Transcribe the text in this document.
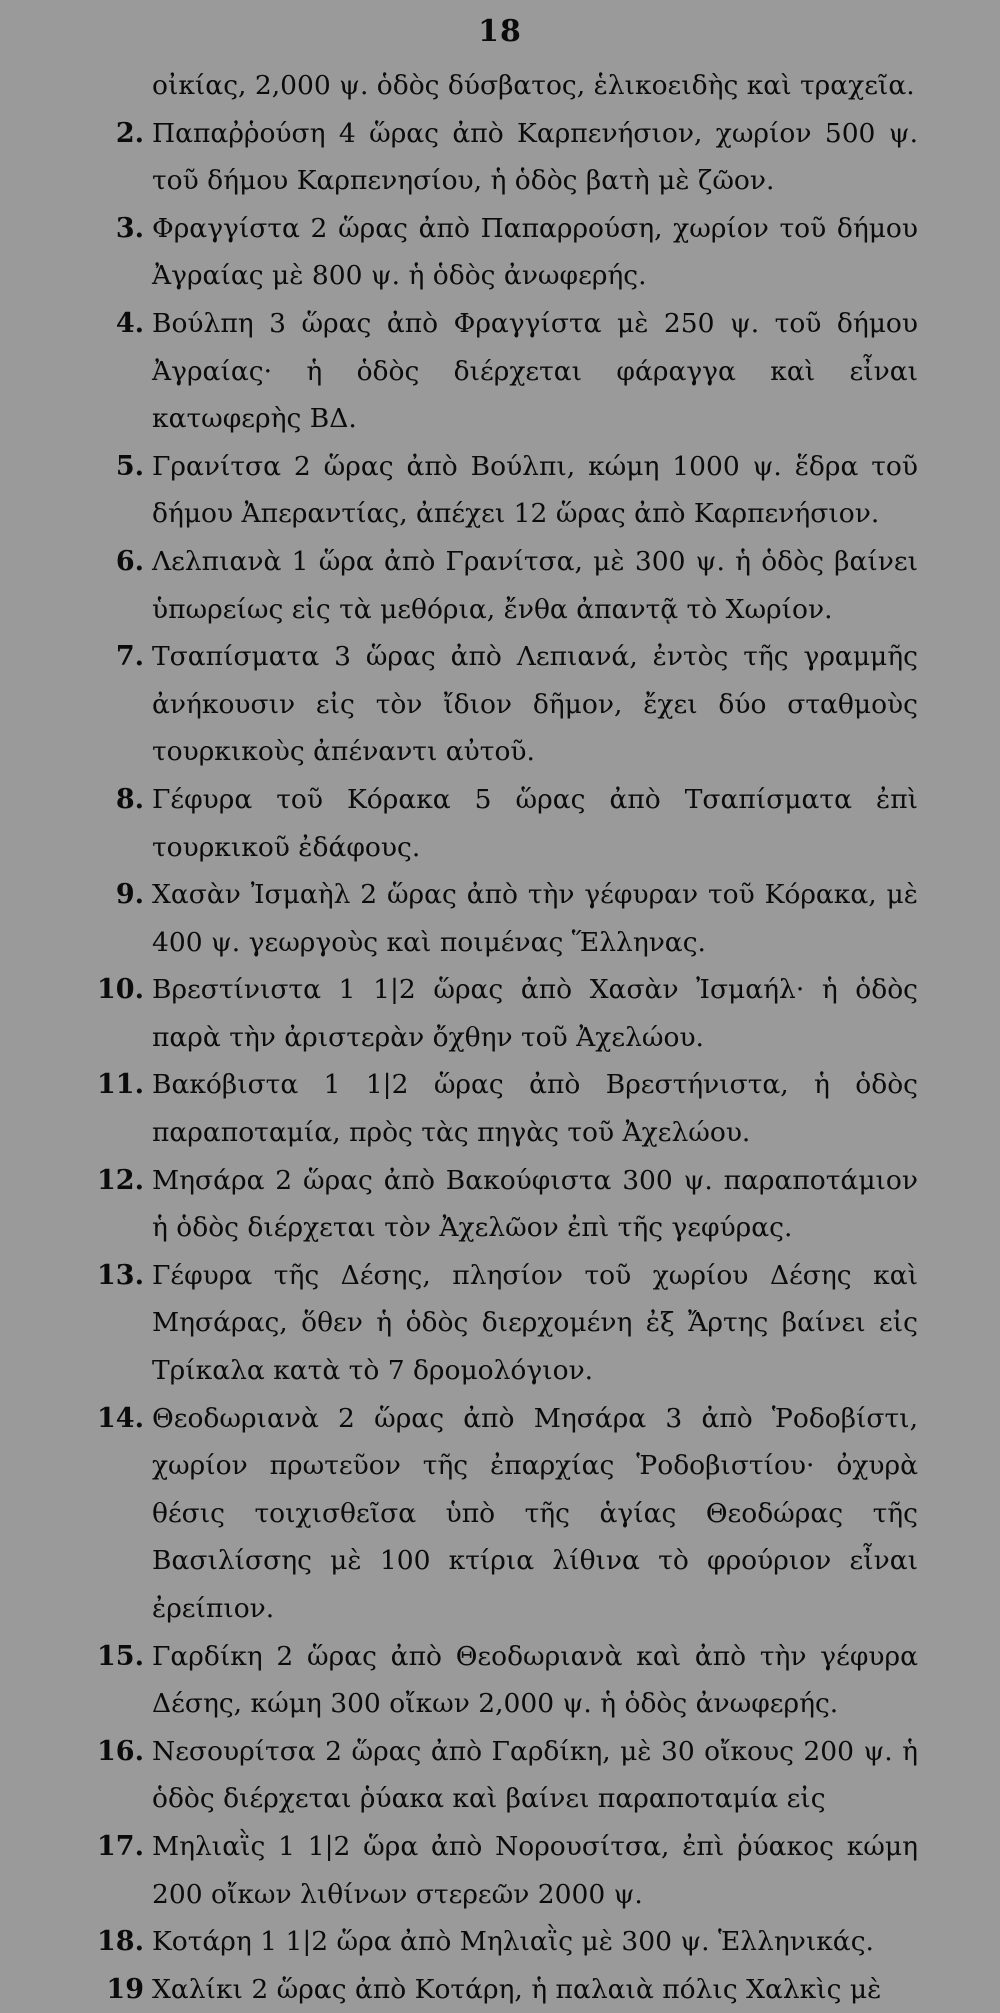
18
οἰκίας, 2,000 ψ. ὁδὸς δύσβατος, ἑλικοειδὴς καὶ τραχεῖα.
2. Παπαῤῥούση 4 ὥρας ἀπὸ Καρπενήσιον, χωρίον 500 ψ. τοῦ δήμου Καρπενησίου, ἡ ὁδὸς βατὴ μὲ ζῶον.
3. Φραγγίστα 2 ὥρας ἀπὸ Παπαρρούση, χωρίον τοῦ δήμου Ἀγραίας μὲ 800 ψ. ἡ ὁδὸς ἀνωφερής.
4. Βούλπη 3 ὥρας ἀπὸ Φραγγίστα μὲ 250 ψ. τοῦ δήμου Ἀγραίας· ἡ ὁδὸς διέρχεται φάραγγα καὶ εἶναι κατωφερὴς ΒΔ.
5. Γρανίτσα 2 ὥρας ἀπὸ Βούλπι, κώμη 1000 ψ. ἕδρα τοῦ δήμου Ἀπεραντίας, ἀπέχει 12 ὥρας ἀπὸ Καρπενήσιον.
6. Λελπιανὰ 1 ὥρα ἀπὸ Γρανίτσα, μὲ 300 ψ. ἡ ὁδὸς βαίνει ὑπωρείως εἰς τὰ μεθόρια, ἔνθα ἀπαντᾷ τὸ Χωρίον.
7. Τσαπίσματα 3 ὥρας ἀπὸ Λεπιανά, ἐντὸς τῆς γραμμῆς ἀνήκουσιν εἰς τὸν ἴδιον δῆμον, ἔχει δύο σταθμοὺς τουρκικοὺς ἀπέναντι αὐτοῦ.
8. Γέφυρα τοῦ Κόρακα 5 ὥρας ἀπὸ Τσαπίσματα ἐπὶ τουρκικοῦ ἐδάφους.
9. Χασὰν Ἰσμαὴλ 2 ὥρας ἀπὸ τὴν γέφυραν τοῦ Κόρακα, μὲ 400 ψ. γεωργοὺς καὶ ποιμένας Ἕλληνας.
10. Βρεστίνιστα 1 1|2 ὥρας ἀπὸ Χασὰν Ἰσμαήλ· ἡ ὁδὸς παρὰ τὴν ἀριστερὰν ὄχθην τοῦ Ἀχελώου.
11. Βακόβιστα 1 1|2 ὥρας ἀπὸ Βρεστήνιστα, ἡ ὁδὸς παραποταμία, πρὸς τὰς πηγὰς τοῦ Ἀχελώου.
12. Μησάρα 2 ὥρας ἀπὸ Βακούφιστα 300 ψ. παραποτάμιον ἡ ὁδὸς διέρχεται τὸν Ἀχελῶον ἐπὶ τῆς γεφύρας.
13. Γέφυρα τῆς Δέσης, πλησίον τοῦ χωρίου Δέσης καὶ Μησάρας, ὅθεν ἡ ὁδὸς διερχομένη ἐξ Ἄρτης βαίνει εἰς Τρίκαλα κατὰ τὸ 7 δρομολόγιον.
14. Θεοδωριανὰ 2 ὥρας ἀπὸ Μησάρα 3 ἀπὸ Ῥοδοβίστι, χωρίον πρωτεῦον τῆς ἐπαρχίας Ῥοδοβιστίου· ὀχυρὰ θέσις τοιχισθεῖσα ὑπὸ τῆς ἁγίας Θεοδώρας τῆς Βασιλίσσης μὲ 100 κτίρια λίθινα τὸ φρούριον εἶναι ἐρείπιον.
15. Γαρδίκη 2 ὥρας ἀπὸ Θεοδωριανὰ καὶ ἀπὸ τὴν γέφυρα Δέσης, κώμη 300 οἴκων 2,000 ψ. ἡ ὁδὸς ἀνωφερής.
16. Νεσουρίτσα 2 ὥρας ἀπὸ Γαρδίκη, μὲ 30 οἴκους 200 ψ. ἡ ὁδὸς διέρχεται ῥύακα καὶ βαίνει παραποταμία εἰς
17. Μηλιαῒς 1 1|2 ὥρα ἀπὸ Νορουσίτσα, ἐπὶ ῥύακος κώμη 200 οἴκων λιθίνων στερεῶν 2000 ψ.
18. Κοτάρη 1 1|2 ὥρα ἀπὸ Μηλιαῒς μὲ 300 ψ. Ἑλληνικάς.
19 Χαλίκι 2 ὥρας ἀπὸ Κοτάρη, ἡ παλαιὰ πόλις Χαλκὶς μὲ
